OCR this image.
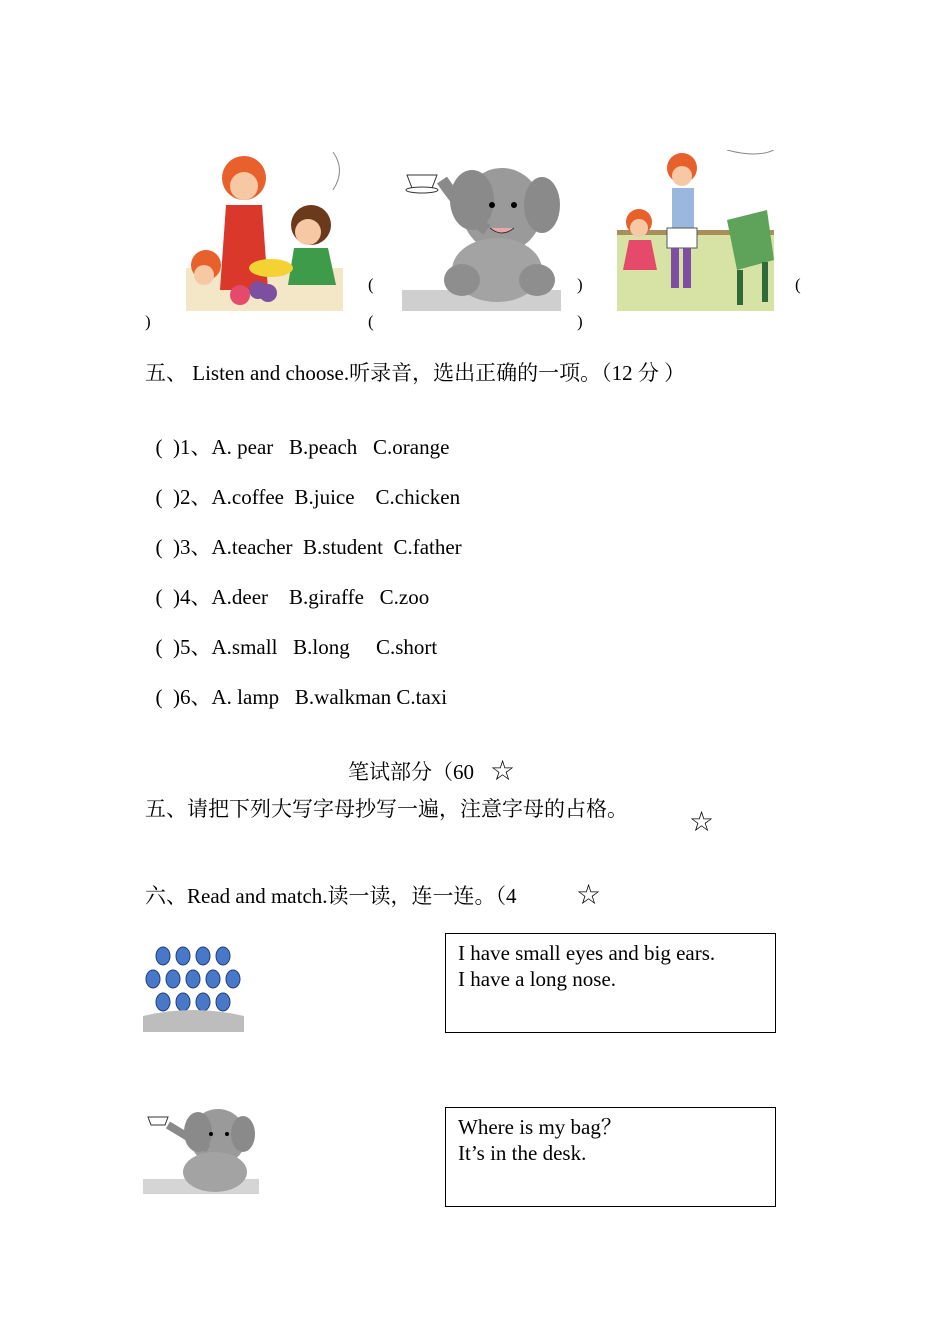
(
(
)
)
(
)
五、 Listen and choose.听录音，选出正确的一项。（12 分 ）

(  )1、A. pear   B.peach   C.orange

(  )2、A.coffee  B.juice    C.chicken

(  )3、A.teacher  B.student  C.father

(  )4、A.deer    B.giraffe   C.zoo

(  )5、A.small   B.long     C.short

(  )6、A. lamp   B.walkman C.taxi

笔试部分（60 ☆
五、请把下列大写字母抄写一遍，注意字母的占格。 ☆
六、Read and match.读一读，连一连。（4 ☆
I have small eyes and big ears.
I have a long nose.
Where is my bag？
It’s in the desk.
